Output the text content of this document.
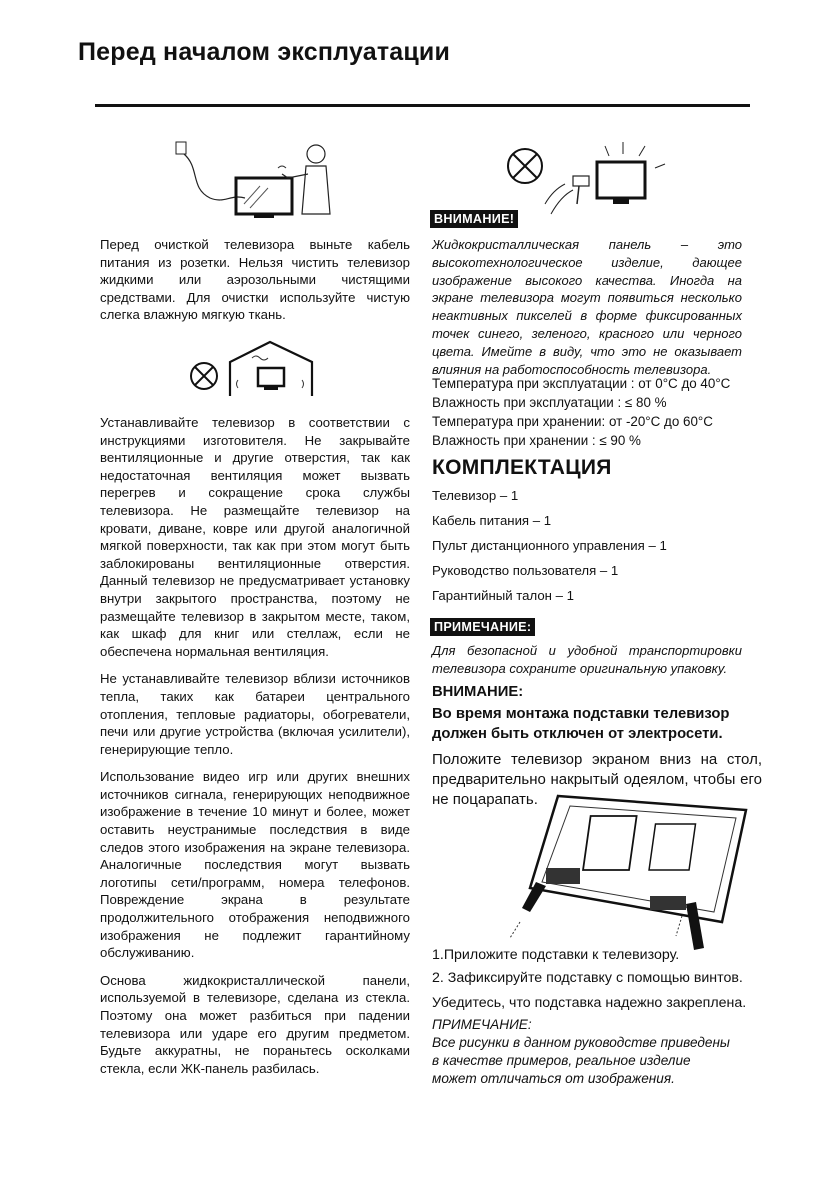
Перед началом эксплуатации

Перед очисткой телевизора выньте кабель питания из розетки. Нельзя чистить телевизор жидкими или аэрозольными чистящими средствами. Для очистки используйте чистую слегка влажную мягкую ткань.

Устанавливайте телевизор в соответствии с инструкциями изготовителя. Не закрывайте вентиляционные и другие отверстия, так как недостаточная вентиляция может вызвать перегрев и сокращение срока службы телевизора. Не размещайте телевизор на кровати, диване, ковре или другой аналогичной мягкой поверхности, так как при этом могут быть заблокированы вентиляционные отверстия. Данный телевизор не предусматривает установку внутри закрытого пространства, поэтому не размещайте телевизор в закрытом месте, таком, как шкаф для книг или стеллаж, если не обеспечена нормальная вентиляция.

Не устанавливайте телевизор вблизи источников тепла, таких как батареи центрального отопления, тепловые радиаторы, обогреватели, печи или другие устройства (включая усилители), генерирующие тепло.

Использование видео игр или других внешних источников сигнала, генерирующих неподвижное изображение в течение 10 минут и более, может оставить неустранимые последствия в виде следов этого изображения на экране телевизора. Аналогичные последствия могут вызвать логотипы сети/программ, номера телефонов. Повреждение экрана в результате продолжительного отображения неподвижного изображения не подлежит гарантийному обслуживанию.

Основа жидкокристаллической панели, используемой в телевизоре, сделана из стекла. Поэтому она может разбиться при падении телевизора или удаpe его другим предметом. Будьте аккуратны, не пораньтесь осколками стекла, если ЖК-панель разбилась.

ВНИМАНИЕ!
Жидкокристаллическая панель – это высокотехнологическое изделие, дающее изображение высокого качества. Иногда на экране телевизора могут появиться несколько неактивных пикселей в форме фиксированных точек синего, зеленого, красного или черного цвета. Имейте в виду, что это не оказывает влияния на работоспособность телевизора.
Температура при эксплуатации : от 0°C до 40°C
Влажность при эксплуатации : ≤ 80 %
Температура при хранении: от -20°C до 60°C
Влажность при хранении : ≤ 90 %
КОМПЛЕКТАЦИЯ
Телевизор – 1
Кабель питания – 1
Пульт дистанционного управления – 1
Руководство пользователя – 1
Гарантийный талон – 1
ПРИМЕЧАНИЕ:
Для безопасной и удобной транспортировки телевизора сохраните оригинальную упаковку.
ВНИМАНИЕ:
Во время монтажа подставки телевизор
должен быть отключен от электросети.
Положите телевизор экраном вниз на стол, предварительно накрытый одеялом, чтобы его не поцарапать.
1.Приложите подставки к телевизору.
2. Зафиксируйте подставку с помощью винтов.
Убедитесь, что подставка надежно закреплена.
ПРИМЕЧАНИЕ:
Все рисунки в данном руководстве приведены в качестве примеров, реальное изделие может отличаться от изображения.
